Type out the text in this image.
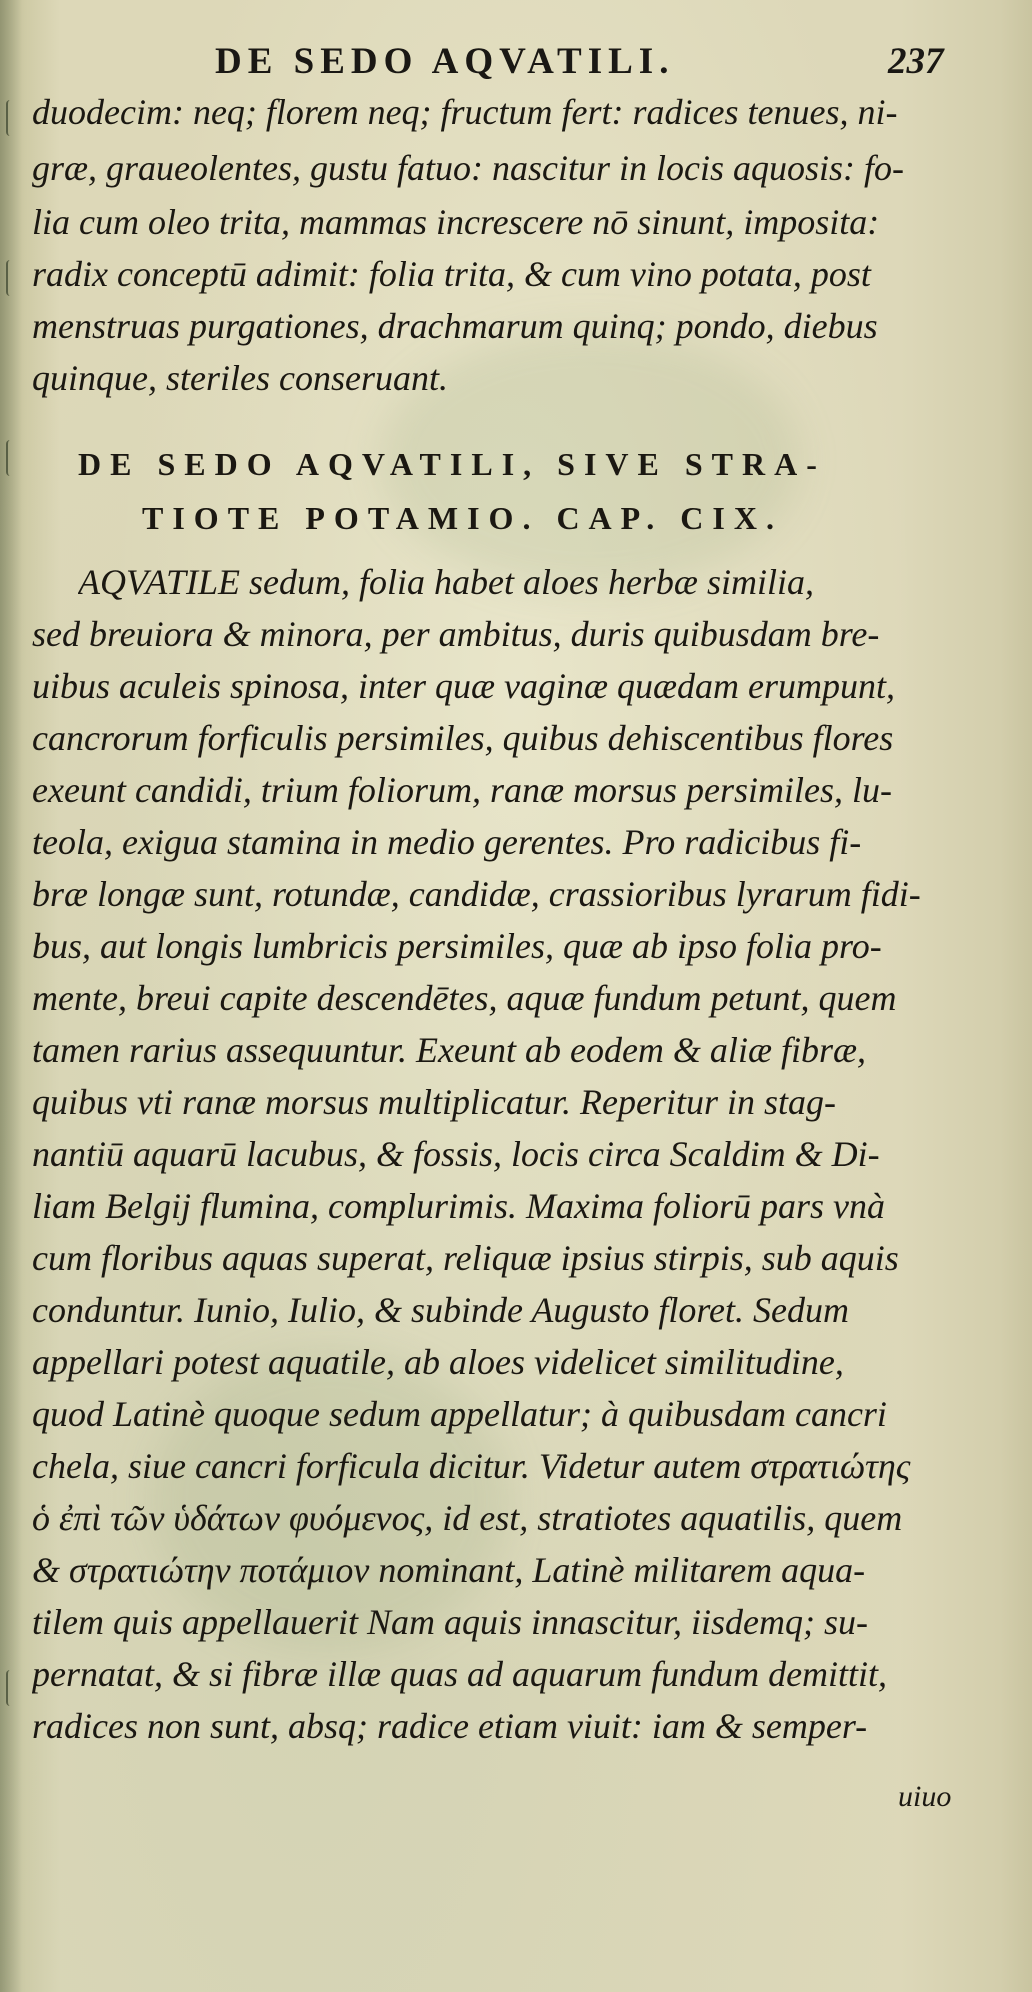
DE SEDO AQVATILI.	237
duodecim: neq; florem neq; fructum fert: radices tenues, ni-
græ, graueolentes, gustu fatuo: nascitur in locis aquosis: fo-
lia cum oleo trita, mammas increscere nō sinunt, imposita:
radix conceptū adimit: folia trita, & cum vino potata, post
menstruas purgationes, drachmarum quinq; pondo, diebus
quinque, steriles conseruant.
DE SEDO AQVATILI, SIVE STRA-
TIOTE POTAMIO. CAP. CIX.
AQVATILE sedum, folia habet aloes herbæ similia,
sed breuiora & minora, per ambitus, duris quibusdam bre-
uibus aculeis spinosa, inter quæ vaginæ quædam erumpunt,
cancrorum forficulis persimiles, quibus dehiscentibus flores
exeunt candidi, trium foliorum, ranæ morsus persimiles, lu-
teola, exigua stamina in medio gerentes. Pro radicibus fi-
bræ longæ sunt, rotundæ, candidæ, crassioribus lyrarum fidi-
bus, aut longis lumbricis persimiles, quæ ab ipso folia pro-
mente, breui capite descendētes, aquæ fundum petunt, quem
tamen rarius assequuntur. Exeunt ab eodem & aliæ fibræ,
quibus vti ranæ morsus multiplicatur. Reperitur in stag-
nantiū aquarū lacubus, & fossis, locis circa Scaldim & Di-
liam Belgij flumina, complurimis. Maxima foliorū pars vnà
cum floribus aquas superat, reliquæ ipsius stirpis, sub aquis
conduntur. Iunio, Iulio, & subinde Augusto floret. Sedum
appellari potest aquatile, ab aloes videlicet similitudine,
quod Latinè quoque sedum appellatur; à quibusdam cancri
chela, siue cancri forficula dicitur. Videtur autem στρατιώτης
ὁ ἐπὶ τῶν ὑδάτων φυόμενος, id est, stratiotes aquatilis, quem
& στρατιώτην ποτάμιον nominant, Latinè militarem aqua-
tilem quis appellauerit Nam aquis innascitur, iisdemq; su-
pernatat, & si fibræ illæ quas ad aquarum fundum demittit,
radices non sunt, absq; radice etiam viuit: iam & semper-
uiuo
